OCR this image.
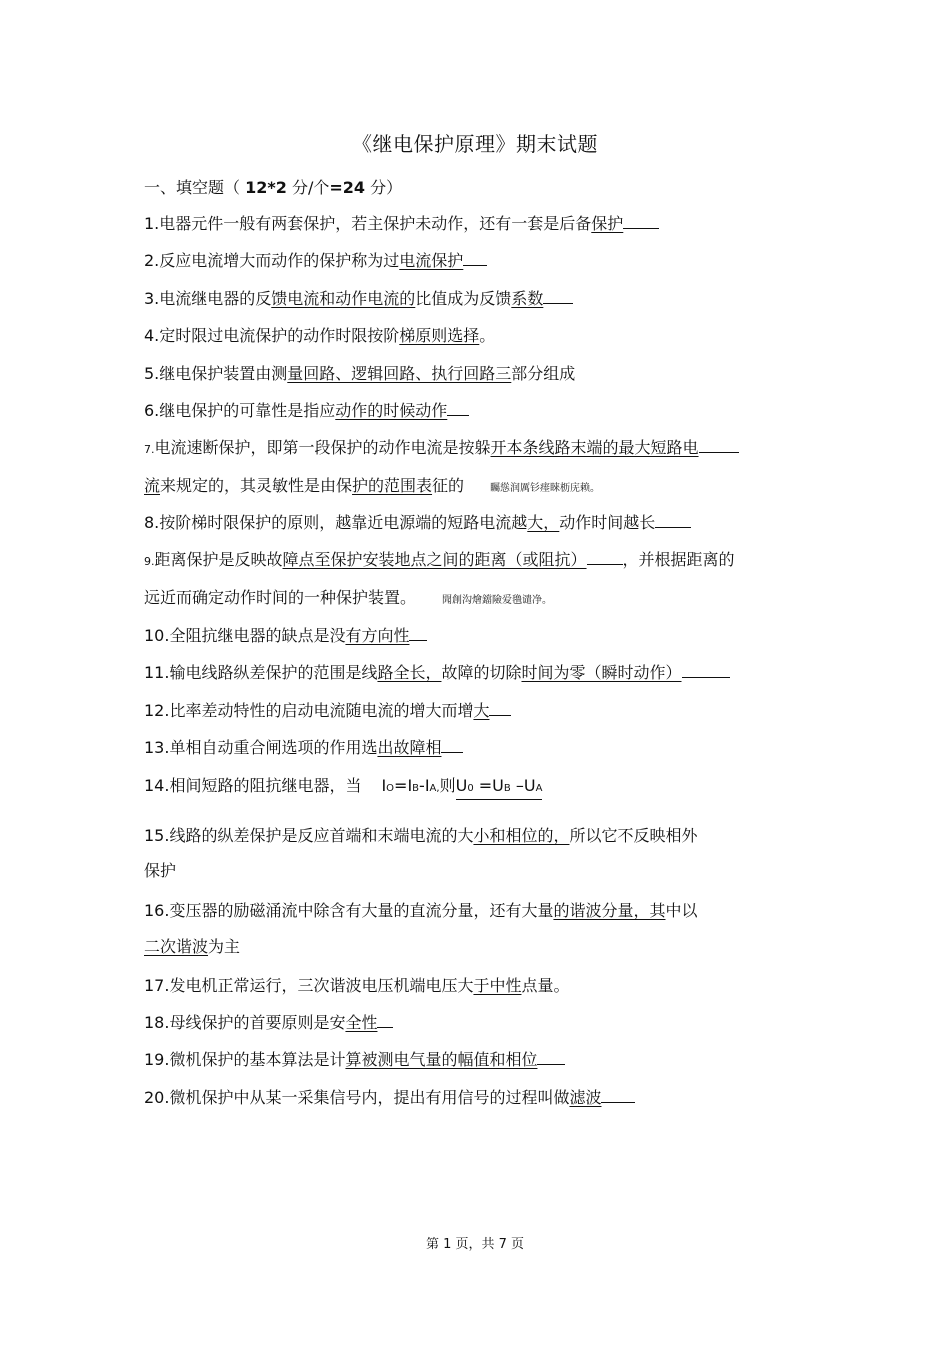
《继电保护原理》期末试题
一、填空题（ 12*2 分/个=24 分）
1.电器元件一般有两套保护，若主保护未动作，还有一套是后备保护
2.反应电流增大而动作的保护称为过电流保护
3.电流继电器的反馈电流和动作电流的比值成为反馈系数
4.定时限过电流保护的动作时限按阶梯原则选择。
5.继电保护装置由测量回路、逻辑回路、执行回路三部分组成
6.继电保护的可靠性是指应动作的时候动作
7.电流速断保护，即第一段保护的动作电流是按躲开本条线路末端的最大短路电
流来规定的，其灵敏性是由保护的范围表征的	矚慫润厲钐瘗睞枥庑赖。
8.按阶梯时限保护的原则，越靠近电源端的短路电流越大，动作时间越长
9.距离保护是反映故障点至保护安装地点之间的距离（或阻抗） ，并根据距离的
远近而确定动作时间的一种保护装置。	聞創沟燴鐺險爱氇谴净。
10.全阻抗继电器的缺点是没有方向性
11.输电线路纵差保护的范围是线路全长，故障的切除时间为零（瞬时动作）
12.比率差动特性的启动电流随电流的增大而增大
13.单相自动重合闸选项的作用选出故障相
14.相间短路的阻抗继电器，当 IO=IB-IA,则U0 =UB –UA
15.线路的纵差保护是反应首端和末端电流的大小和相位的，所以它不反映相外
保护
16.变压器的励磁涌流中除含有大量的直流分量，还有大量的谐波分量，其中以
二次谐波为主
17.发电机正常运行，三次谐波电压机端电压大于中性点量。
18.母线保护的首要原则是安全性
19.微机保护的基本算法是计算被测电气量的幅值和相位
20.微机保护中从某一采集信号内，提出有用信号的过程叫做滤波
第 1 页，共 7 页
